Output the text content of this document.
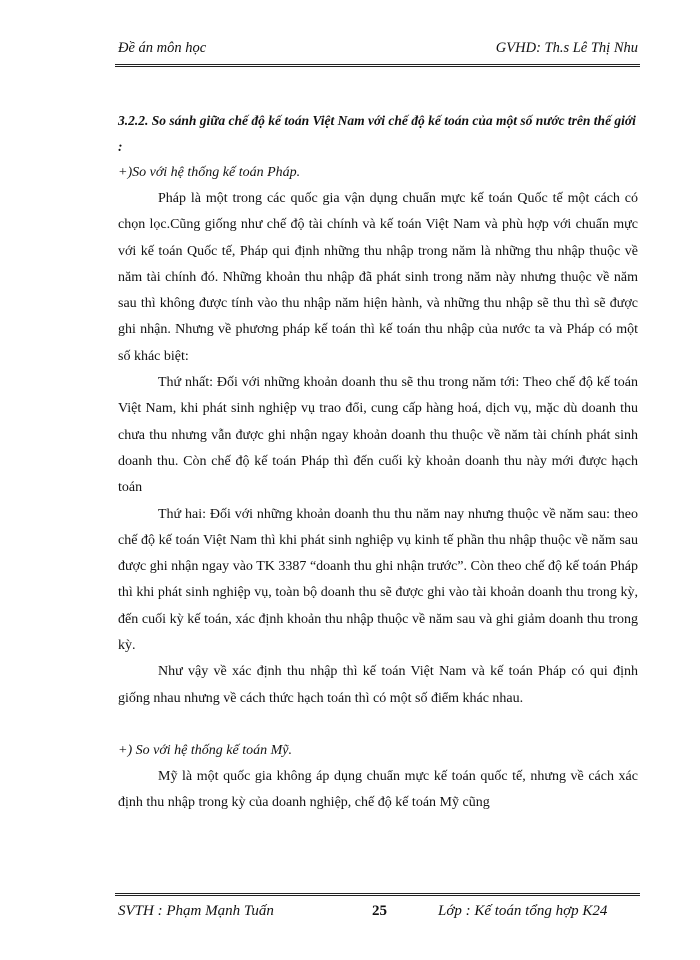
Đề án môn học	GVHD: Th.s Lê Thị Nhu

3.2.2. So sánh giữa chế độ kế toán Việt Nam với chế độ kế toán của một số nước trên thế giới :

+)So với hệ thống kế toán Pháp.

Pháp là một trong các quốc gia vận dụng chuẩn mực kế toán Quốc tế một cách có chọn lọc.Cũng giống như chế độ tài chính và kế toán Việt Nam và phù hợp với chuẩn mực với kế toán Quốc tế, Pháp qui định những thu nhập trong năm là những thu nhập thuộc về năm tài chính đó. Những khoản thu nhập đã phát sinh trong năm này nhưng thuộc về năm sau thì không được tính vào thu nhập năm hiện hành, và những thu nhập sẽ thu thì sẽ được ghi nhận. Nhưng về phương pháp kế toán thì kế toán thu nhập của nước ta và Pháp có một số khác biệt:

Thứ nhất: Đối với những khoản doanh thu sẽ thu trong năm tới: Theo chế độ kế toán Việt Nam, khi phát sinh nghiệp vụ trao đổi, cung cấp hàng hoá, dịch vụ, mặc dù doanh thu chưa thu nhưng vẫn được ghi nhận ngay khoản doanh thu thuộc về năm tài chính phát sinh doanh thu. Còn chế độ kế toán Pháp thì đến cuối kỳ khoản doanh thu này mới được hạch toán

Thứ hai: Đối với những khoản doanh thu thu năm nay nhưng thuộc về năm sau: theo chế độ kế toán Việt Nam thì khi phát sinh nghiệp vụ kinh tế phần thu nhập thuộc về năm sau được ghi nhận ngay vào TK 3387 “doanh thu ghi nhận trước”. Còn theo chế độ kế toán Pháp thì khi phát sinh nghiệp vụ, toàn bộ doanh thu sẽ được ghi vào tài khoản doanh thu trong kỳ, đến cuối kỳ kế toán, xác định khoản thu nhập thuộc về năm sau và ghi giảm doanh thu trong kỳ.

Như vậy về xác định thu nhập thì kế toán Việt Nam và kế toán Pháp có qui định giống nhau nhưng về cách thức hạch toán thì có một số điểm khác nhau.

+) So với hệ thống kế toán Mỹ.

Mỹ là một quốc gia không áp dụng chuẩn mực kế toán quốc tế, nhưng về cách xác định thu nhập trong kỳ của doanh nghiệp, chế độ kế toán Mỹ cũng

SVTH : Phạm Mạnh Tuấn	25	Lớp : Kế toán tổng hợp K24
